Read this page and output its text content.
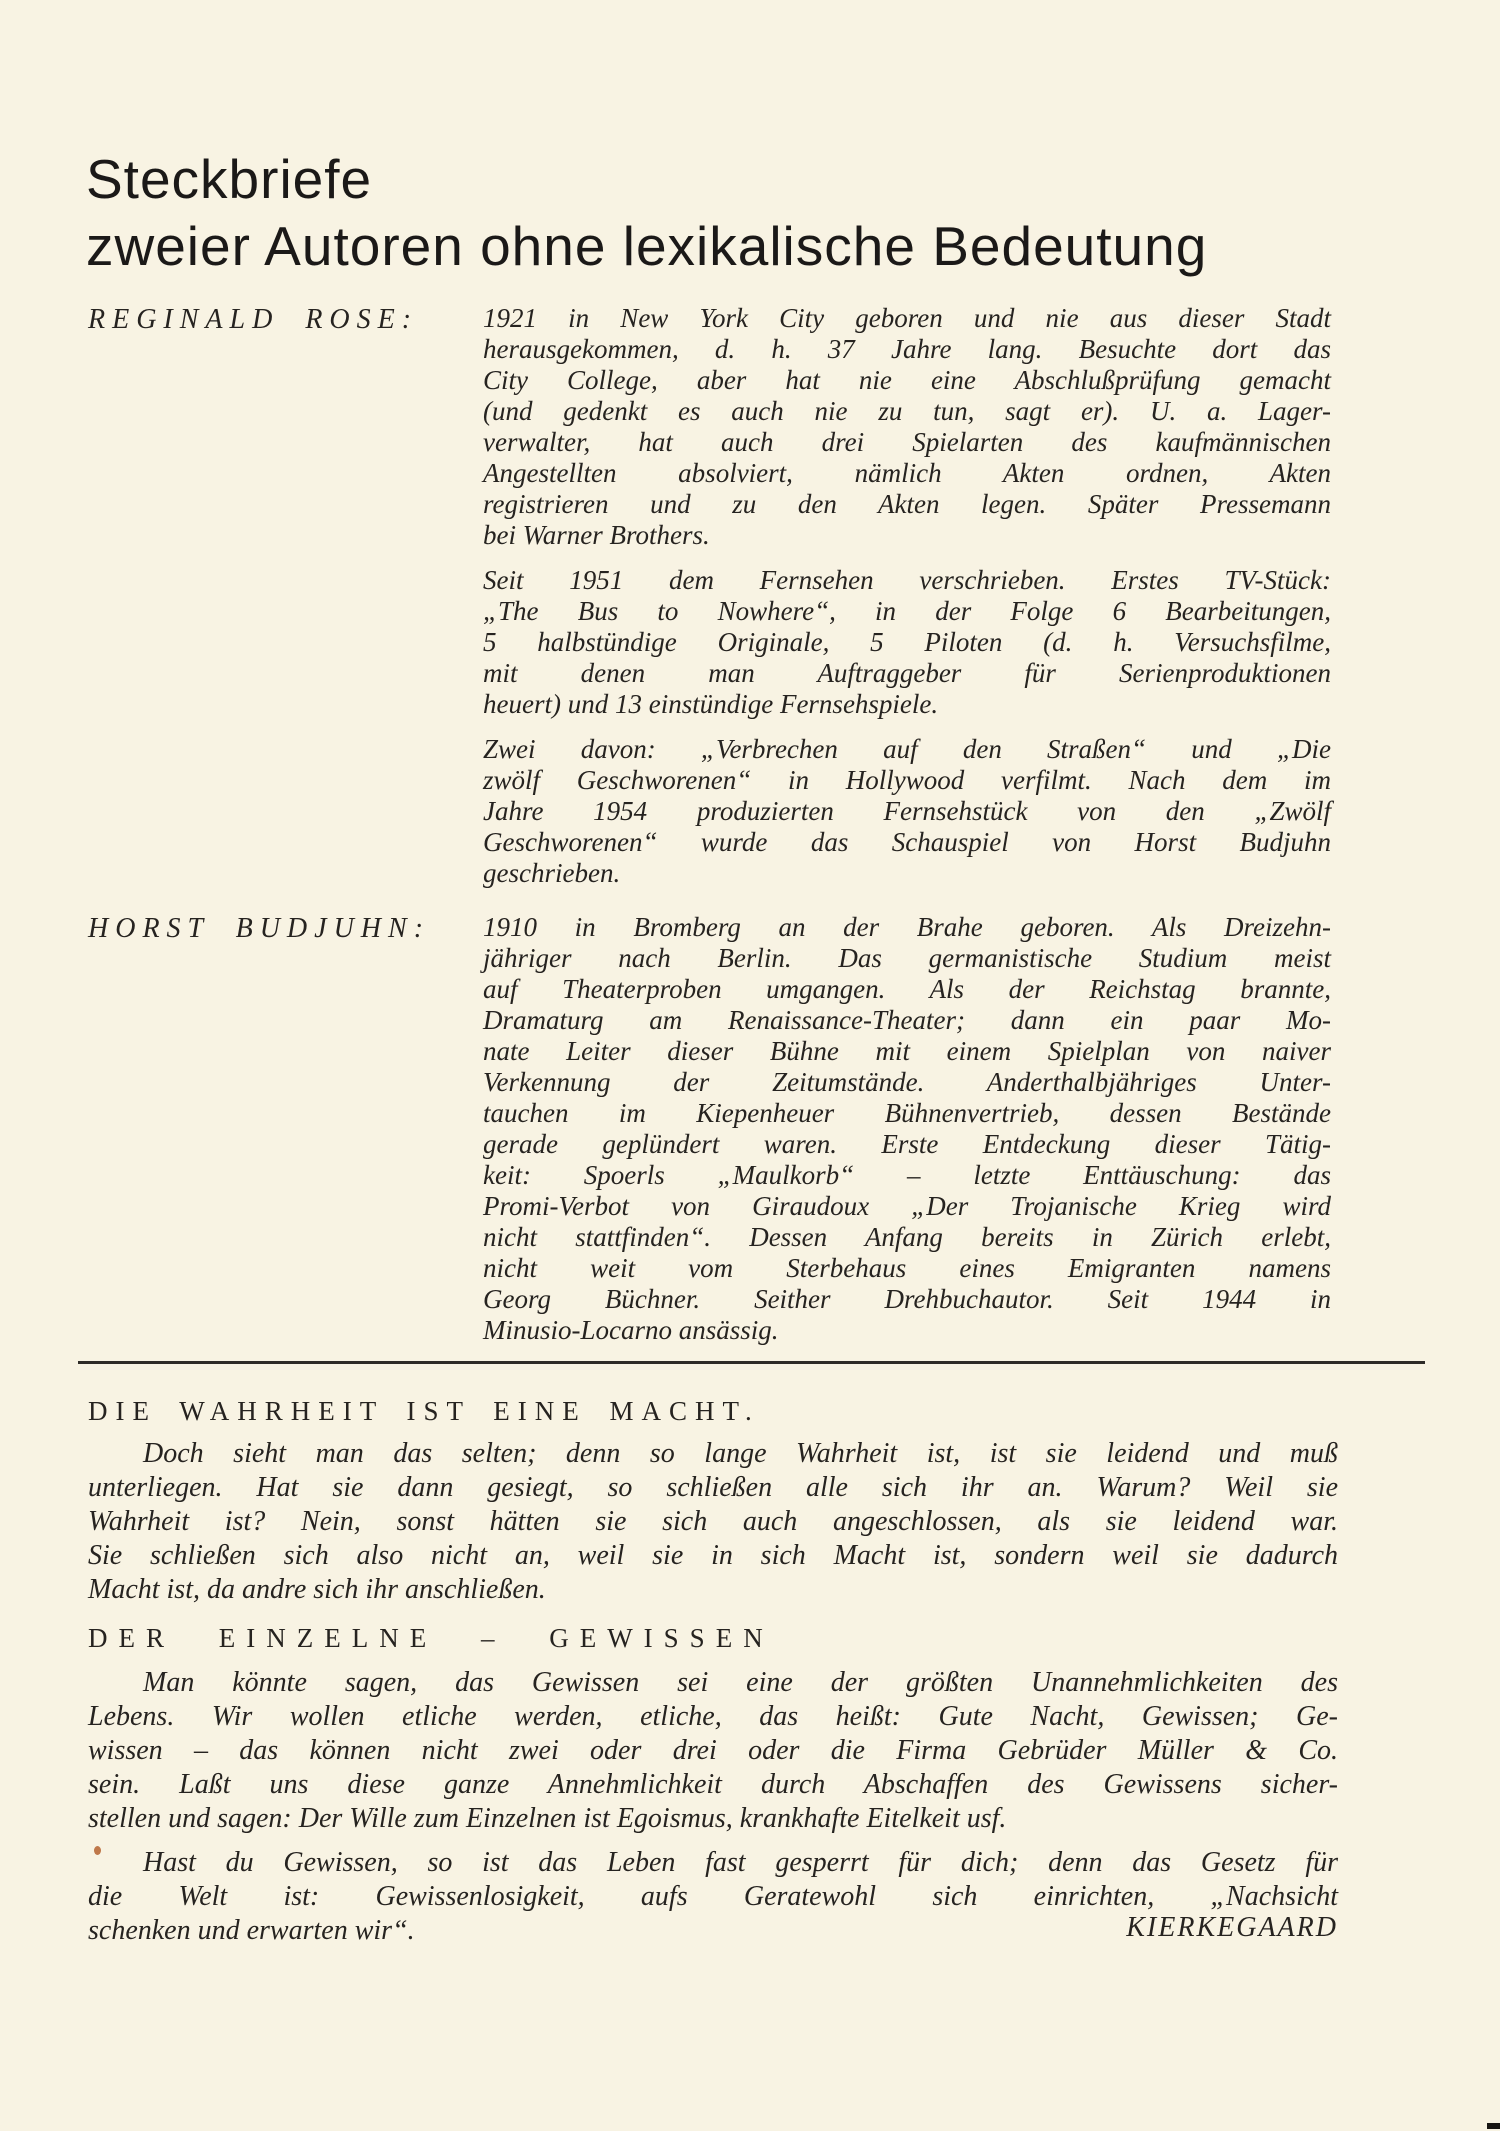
Steckbriefe
zweier Autoren ohne lexikalische Bedeutung
REGINALD ROSE:	1921 in New York City geboren und nie aus dieser Stadt
herausgekommen, d. h. 37 Jahre lang. Besuchte dort das
City College, aber hat nie eine Abschlußprüfung gemacht
(und gedenkt es auch nie zu tun, sagt er). U. a. Lager-
verwalter, hat auch drei Spielarten des kaufmännischen
Angestellten absolviert, nämlich Akten ordnen, Akten
registrieren und zu den Akten legen. Später Pressemann
bei Warner Brothers.
Seit 1951 dem Fernsehen verschrieben. Erstes TV-Stück:
„The Bus to Nowhere“, in der Folge 6 Bearbeitungen,
5 halbstündige Originale, 5 Piloten (d. h. Versuchsfilme,
mit denen man Auftraggeber für Serienproduktionen
heuert) und 13 einstündige Fernsehspiele.
Zwei davon: „Verbrechen auf den Straßen“ und „Die
zwölf Geschworenen“ in Hollywood verfilmt. Nach dem im
Jahre 1954 produzierten Fernsehstück von den „Zwölf
Geschworenen“ wurde das Schauspiel von Horst Budjuhn
geschrieben.
HORST BUDJUHN:	1910 in Bromberg an der Brahe geboren. Als Dreizehn-
jähriger nach Berlin. Das germanistische Studium meist
auf Theaterproben umgangen. Als der Reichstag brannte,
Dramaturg am Renaissance-Theater; dann ein paar Mo-
nate Leiter dieser Bühne mit einem Spielplan von naiver
Verkennung der Zeitumstände. Anderthalbjähriges Unter-
tauchen im Kiepenheuer Bühnenvertrieb, dessen Bestände
gerade geplündert waren. Erste Entdeckung dieser Tätig-
keit: Spoerls „Maulkorb“ – letzte Enttäuschung: das
Promi-Verbot von Giraudoux „Der Trojanische Krieg wird
nicht stattfinden“. Dessen Anfang bereits in Zürich erlebt,
nicht weit vom Sterbehaus eines Emigranten namens
Georg Büchner. Seither Drehbuchautor. Seit 1944 in
Minusio-Locarno ansässig.
DIE WAHRHEIT IST EINE MACHT.
Doch sieht man das selten; denn so lange Wahrheit ist, ist sie leidend und muß
unterliegen. Hat sie dann gesiegt, so schließen alle sich ihr an. Warum? Weil sie
Wahrheit ist? Nein, sonst hätten sie sich auch angeschlossen, als sie leidend war.
Sie schließen sich also nicht an, weil sie in sich Macht ist, sondern weil sie dadurch
Macht ist, da andre sich ihr anschließen.
DER EINZELNE – GEWISSEN
Man könnte sagen, das Gewissen sei eine der größten Unannehmlichkeiten des
Lebens. Wir wollen etliche werden, etliche, das heißt: Gute Nacht, Gewissen; Ge-
wissen – das können nicht zwei oder drei oder die Firma Gebrüder Müller & Co.
sein. Laßt uns diese ganze Annehmlichkeit durch Abschaffen des Gewissens sicher-
stellen und sagen: Der Wille zum Einzelnen ist Egoismus, krankhafte Eitelkeit usf.
Hast du Gewissen, so ist das Leben fast gesperrt für dich; denn das Gesetz für
die Welt ist: Gewissenlosigkeit, aufs Geratewohl sich einrichten, „Nachsicht
schenken und erwarten wir“.	KIERKEGAARD
